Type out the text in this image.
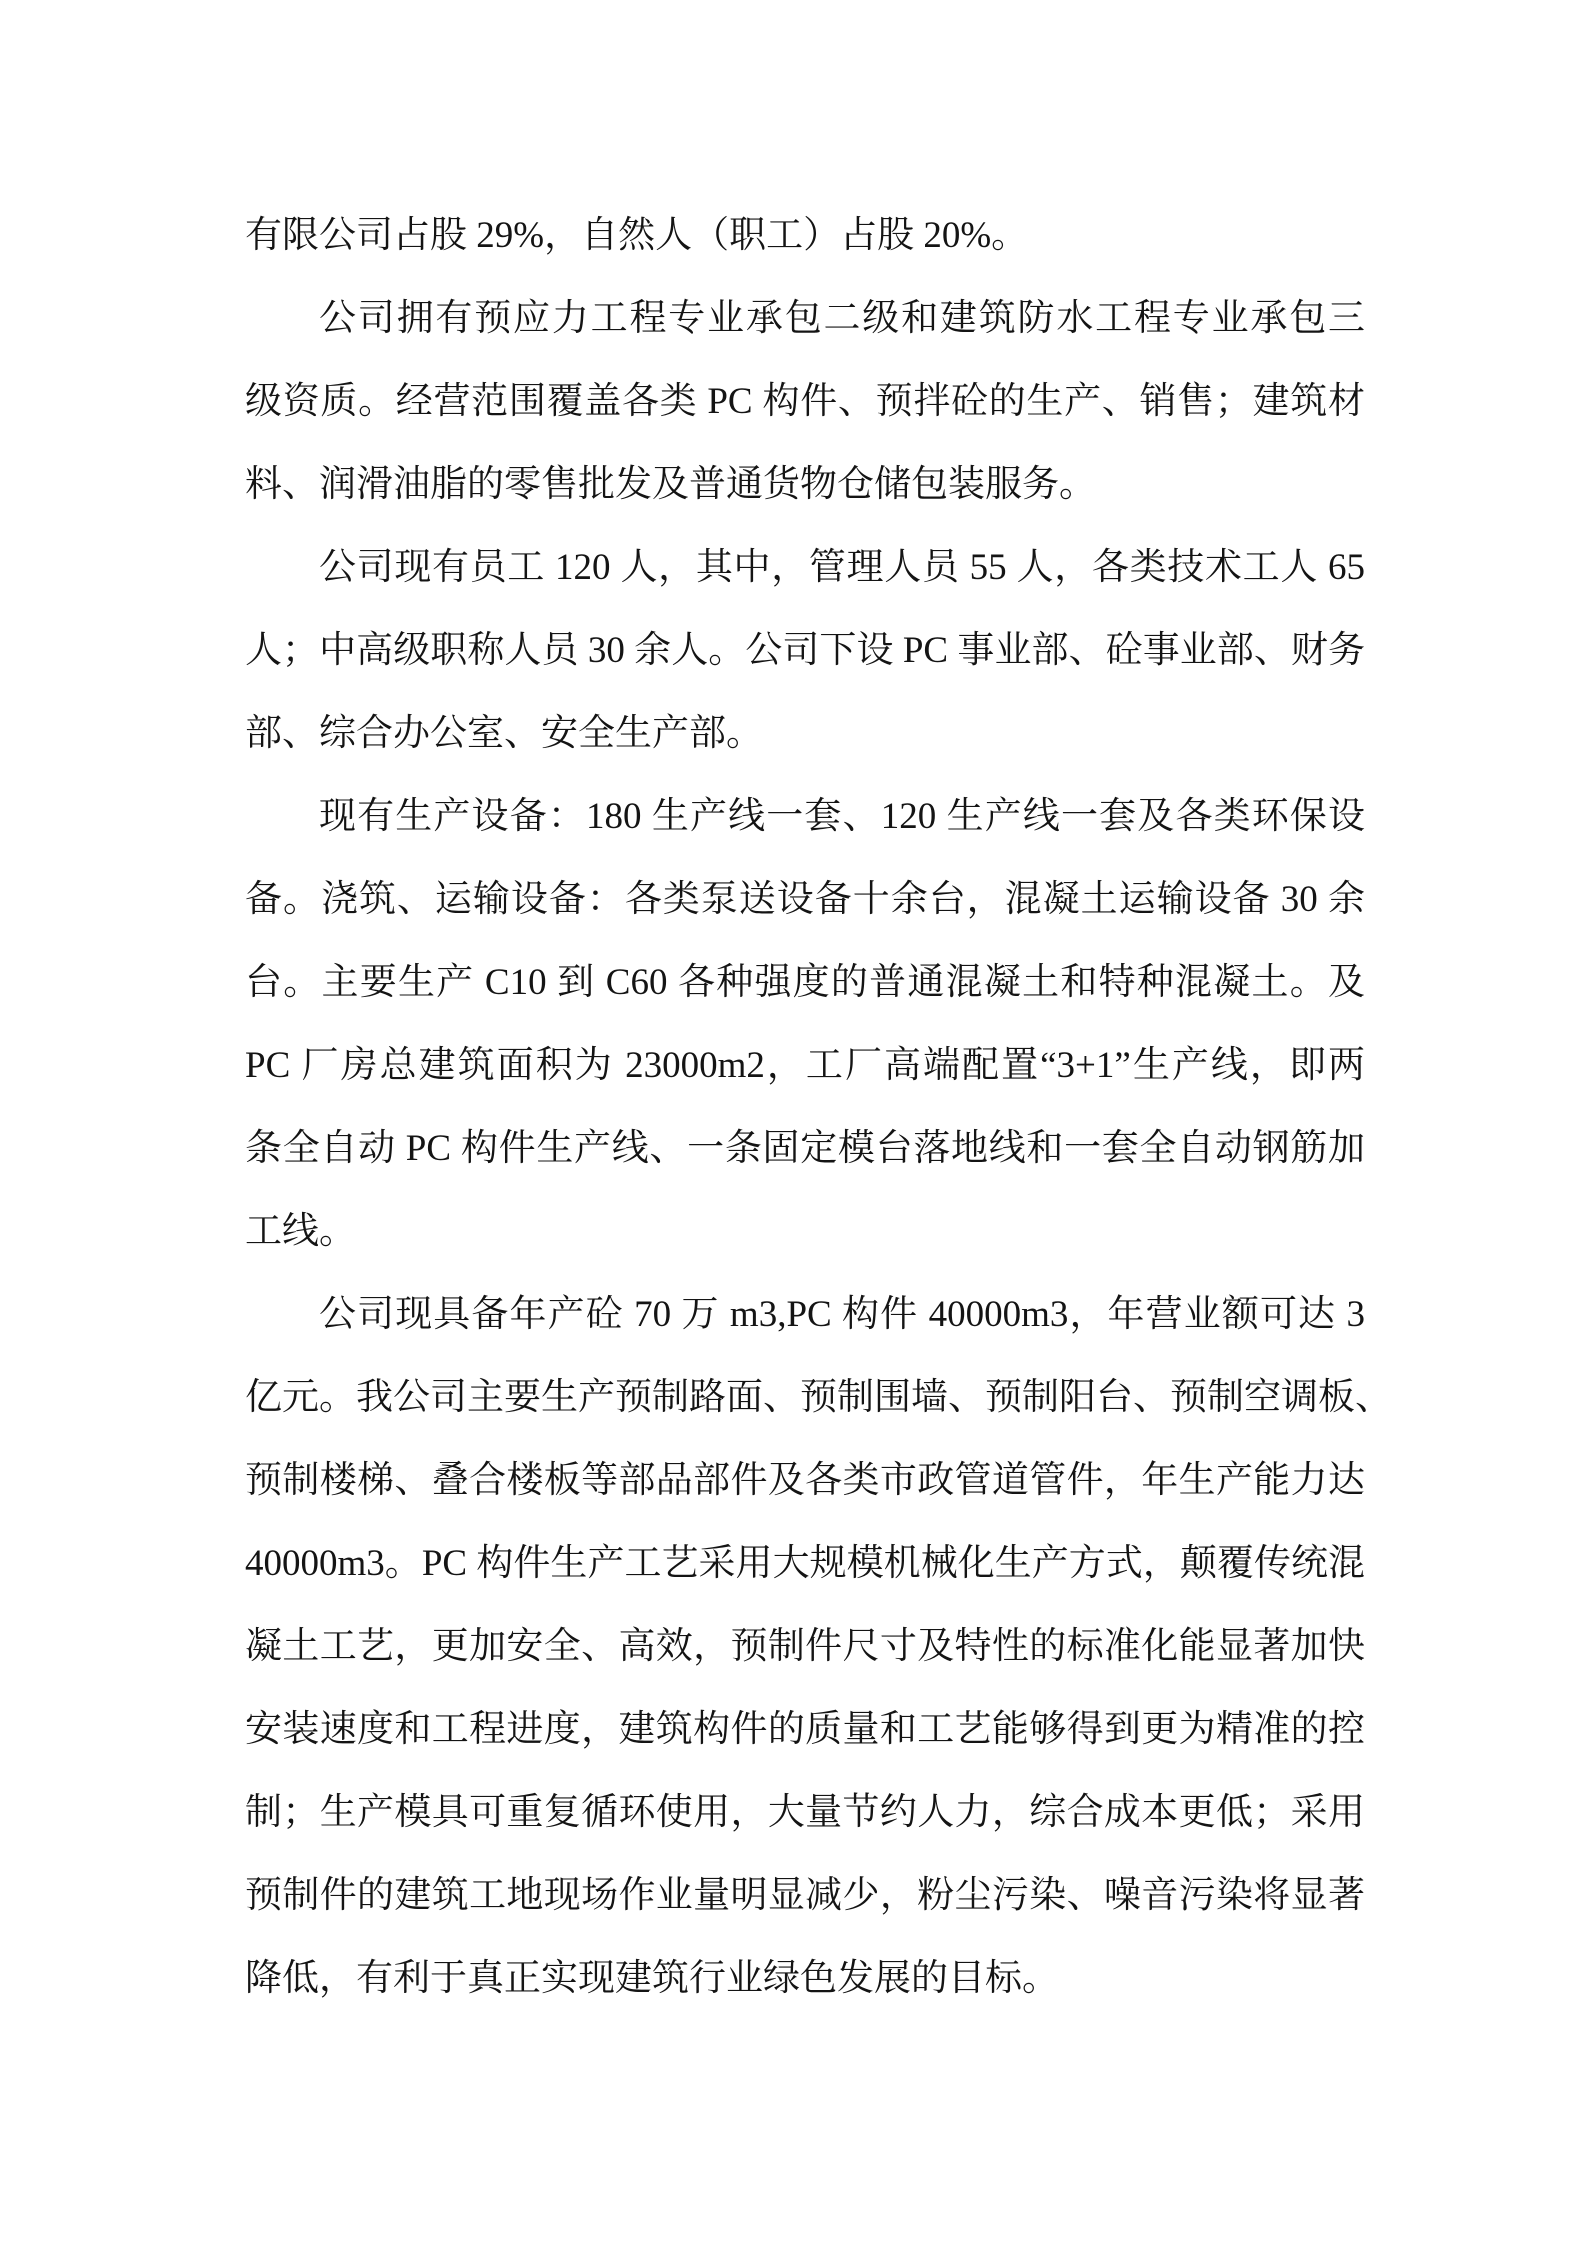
有限公司占股 29%，自然人（职工）占股 20%。
公司拥有预应力工程专业承包二级和建筑防水工程专业承包三
级资质。经营范围覆盖各类 PC 构件、预拌砼的生产、销售；建筑材
料、润滑油脂的零售批发及普通货物仓储包装服务。
公司现有员工 120 人，其中，管理人员 55 人，各类技术工人 65
人；中高级职称人员 30 余人。公司下设 PC 事业部、砼事业部、财务
部、综合办公室、安全生产部。
现有生产设备：180 生产线一套、120 生产线一套及各类环保设
备。浇筑、运输设备：各类泵送设备十余台，混凝土运输设备 30 余
台。主要生产 C10 到 C60 各种强度的普通混凝土和特种混凝土。及
PC 厂房总建筑面积为 23000m2，工厂高端配置“3+1”生产线，即两
条全自动 PC 构件生产线、一条固定模台落地线和一套全自动钢筋加
工线。
公司现具备年产砼 70 万 m3,PC 构件 40000m3，年营业额可达 3
亿元。我公司主要生产预制路面、预制围墙、预制阳台、预制空调板、
预制楼梯、叠合楼板等部品部件及各类市政管道管件，年生产能力达
40000m3。PC 构件生产工艺采用大规模机械化生产方式，颠覆传统混
凝土工艺，更加安全、高效，预制件尺寸及特性的标准化能显著加快
安装速度和工程进度，建筑构件的质量和工艺能够得到更为精准的控
制；生产模具可重复循环使用，大量节约人力，综合成本更低；采用
预制件的建筑工地现场作业量明显减少，粉尘污染、噪音污染将显著
降低，有利于真正实现建筑行业绿色发展的目标。
